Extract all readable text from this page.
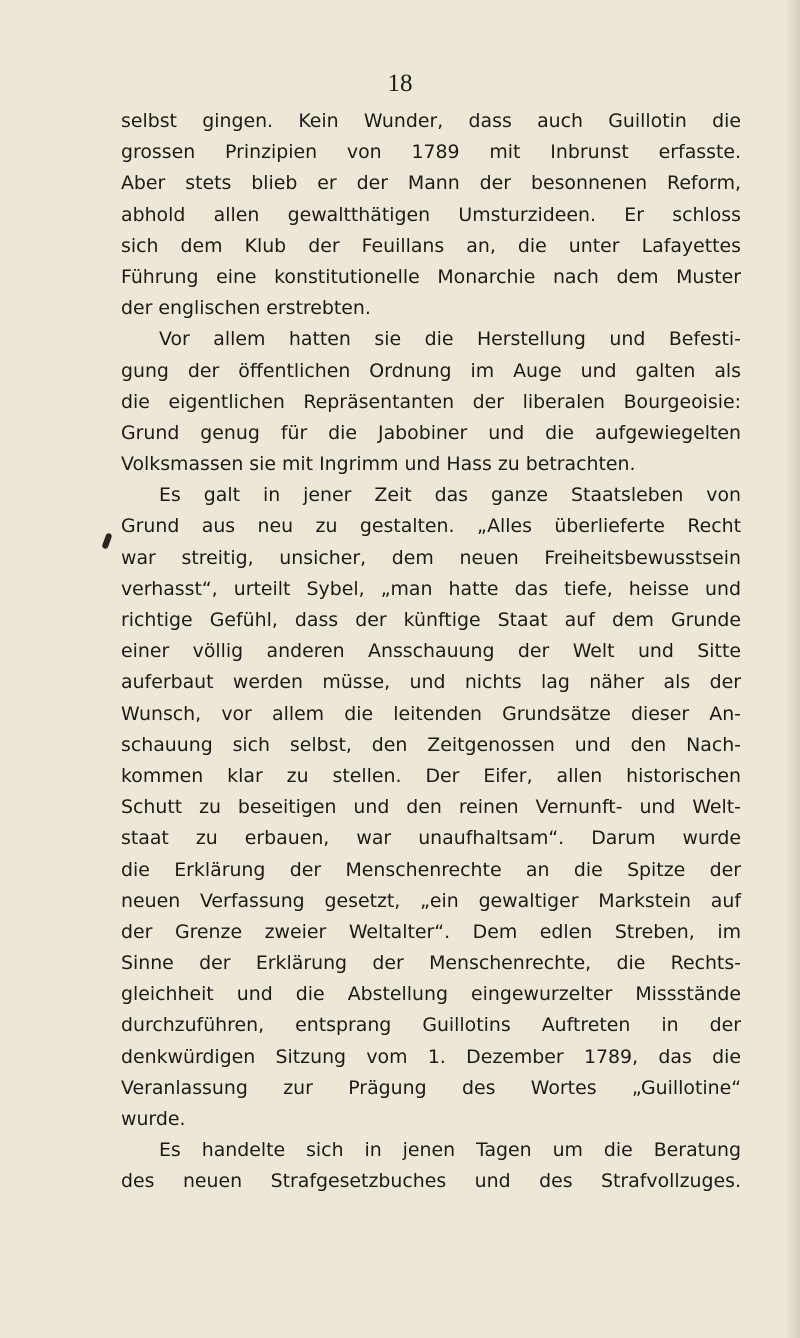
18
selbst gingen. Kein Wunder, dass auch Guillotin die
grossen Prinzipien von 1789 mit Inbrunst erfasste.
Aber stets blieb er der Mann der besonnenen Reform,
abhold allen gewaltthätigen Umsturzideen. Er schloss
sich dem Klub der Feuillans an, die unter Lafayettes
Führung eine konstitutionelle Monarchie nach dem Muster
der englischen erstrebten.
Vor allem hatten sie die Herstellung und Befesti-
gung der öffentlichen Ordnung im Auge und galten als
die eigentlichen Repräsentanten der liberalen Bourgeoisie:
Grund genug für die Jabobiner und die aufgewiegelten
Volksmassen sie mit Ingrimm und Hass zu betrachten.
Es galt in jener Zeit das ganze Staatsleben von
Grund aus neu zu gestalten. „Alles überlieferte Recht
war streitig, unsicher, dem neuen Freiheitsbewusstsein
verhasst“, urteilt Sybel, „man hatte das tiefe, heisse und
richtige Gefühl, dass der künftige Staat auf dem Grunde
einer völlig anderen Ansschauung der Welt und Sitte
auferbaut werden müsse, und nichts lag näher als der
Wunsch, vor allem die leitenden Grundsätze dieser An-
schauung sich selbst, den Zeitgenossen und den Nach-
kommen klar zu stellen. Der Eifer, allen historischen
Schutt zu beseitigen und den reinen Vernunft- und Welt-
staat zu erbauen, war unaufhaltsam“. Darum wurde
die Erklärung der Menschenrechte an die Spitze der
neuen Verfassung gesetzt, „ein gewaltiger Markstein auf
der Grenze zweier Weltalter“. Dem edlen Streben, im
Sinne der Erklärung der Menschenrechte, die Rechts-
gleichheit und die Abstellung eingewurzelter Missstände
durchzuführen, entsprang Guillotins Auftreten in der
denkwürdigen Sitzung vom 1. Dezember 1789, das die
Veranlassung zur Prägung des Wortes „Guillotine“
wurde.
Es handelte sich in jenen Tagen um die Beratung
des neuen Strafgesetzbuches und des Strafvollzuges.
